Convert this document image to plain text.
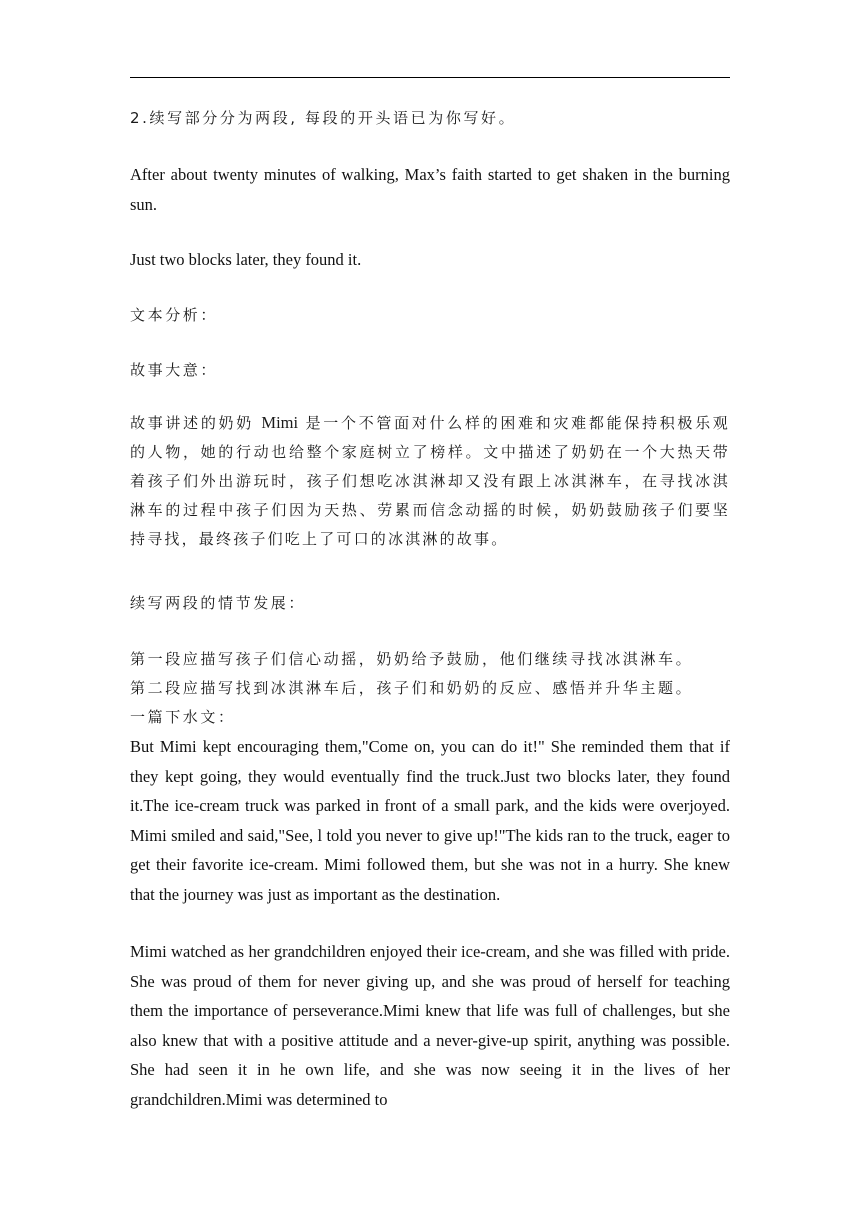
2.续写部分分为两段, 每段的开头语已为你写好。

After about twenty minutes of walking, Max’s faith started to get shaken in the burning sun.

Just two blocks later, they found it.

文本分析：

故事大意：

故事讲述的奶奶 Mimi 是一个不管面对什么样的困难和灾难都能保持积极乐观的人物，她的行动也给整个家庭树立了榜样。文中描述了奶奶在一个大热天带着孩子们外出游玩时，孩子们想吃冰淇淋却又没有跟上冰淇淋车，在寻找冰淇淋车的过程中孩子们因为天热、劳累而信念动摇的时候，奶奶鼓励孩子们要坚持寻找，最终孩子们吃上了可口的冰淇淋的故事。

续写两段的情节发展：

第一段应描写孩子们信心动摇，奶奶给予鼓励，他们继续寻找冰淇淋车。

第二段应描写找到冰淇淋车后，孩子们和奶奶的反应、感悟并升华主题。

一篇下水文：

But Mimi kept encouraging them,"Come on, you can do it!" She reminded them that if they kept going, they would eventually find the truck.Just two blocks later, they found it.The ice-cream truck was parked in front of a small park, and the kids were overjoyed. Mimi smiled and said,"See, l told you never to give up!"The kids ran to the truck, eager to get their favorite ice-cream. Mimi followed them, but she was not in a hurry. She knew that the journey was just as important as the destination.

Mimi watched as her grandchildren enjoyed their ice-cream, and she was filled with pride. She was proud of them for never giving up, and she was proud of herself for teaching them the importance of perseverance.Mimi knew that life was full of challenges, but she also knew that with a positive attitude and a never-give-up spirit, anything was possible. She had seen it in he own life, and she was now seeing it in the lives of her grandchildren.Mimi was determined to
